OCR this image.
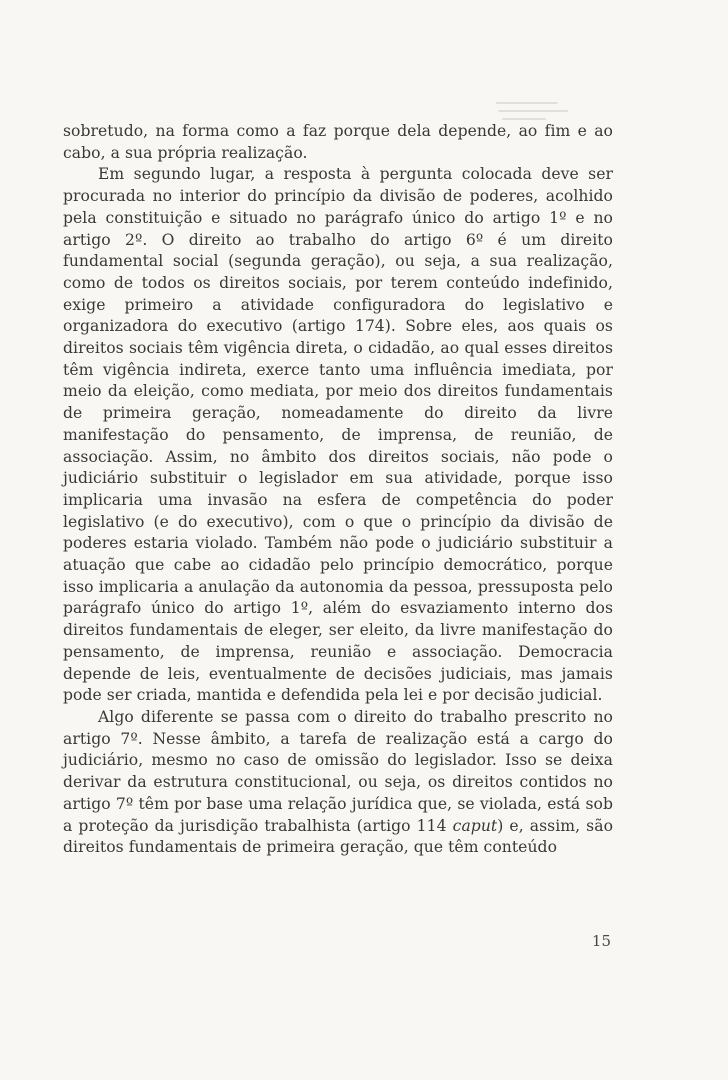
sobretudo, na forma como a faz porque dela depende, ao fim e ao cabo, a sua própria realização.

Em segundo lugar, a resposta à pergunta colocada deve ser procurada no interior do princípio da divisão de poderes, acolhido pela constituição e situado no parágrafo único do artigo 1º e no artigo 2º. O direito ao trabalho do artigo 6º é um direito fundamental social (segunda geração), ou seja, a sua realização, como de todos os direitos sociais, por terem conteúdo indefinido, exige primeiro a atividade configuradora do legislativo e organizadora do executivo (artigo 174). Sobre eles, aos quais os direitos sociais têm vigência direta, o cidadão, ao qual esses direitos têm vigência indireta, exerce tanto uma influência imediata, por meio da eleição, como mediata, por meio dos direitos fundamentais de primeira geração, nomeadamente do direito da livre manifestação do pensamento, de imprensa, de reunião, de associação. Assim, no âmbito dos direitos sociais, não pode o judiciário substituir o legislador em sua atividade, porque isso implicaria uma invasão na esfera de competência do poder legislativo (e do executivo), com o que o princípio da divisão de poderes estaria violado. Também não pode o judiciário substituir a atuação que cabe ao cidadão pelo princípio democrático, porque isso implicaria a anulação da autonomia da pessoa, pressuposta pelo parágrafo único do artigo 1º, além do esvaziamento interno dos direitos fundamentais de eleger, ser eleito, da livre manifestação do pensamento, de imprensa, reunião e associação. Democracia depende de leis, eventualmente de decisões judiciais, mas jamais pode ser criada, mantida e defendida pela lei e por decisão judicial.

Algo diferente se passa com o direito do trabalho prescrito no artigo 7º. Nesse âmbito, a tarefa de realização está a cargo do judiciário, mesmo no caso de omissão do legislador. Isso se deixa derivar da estrutura constitucional, ou seja, os direitos contidos no artigo 7º têm por base uma relação jurídica que, se violada, está sob a proteção da jurisdição trabalhista (artigo 114 caput) e, assim, são direitos fundamentais de primeira geração, que têm conteúdo

15
